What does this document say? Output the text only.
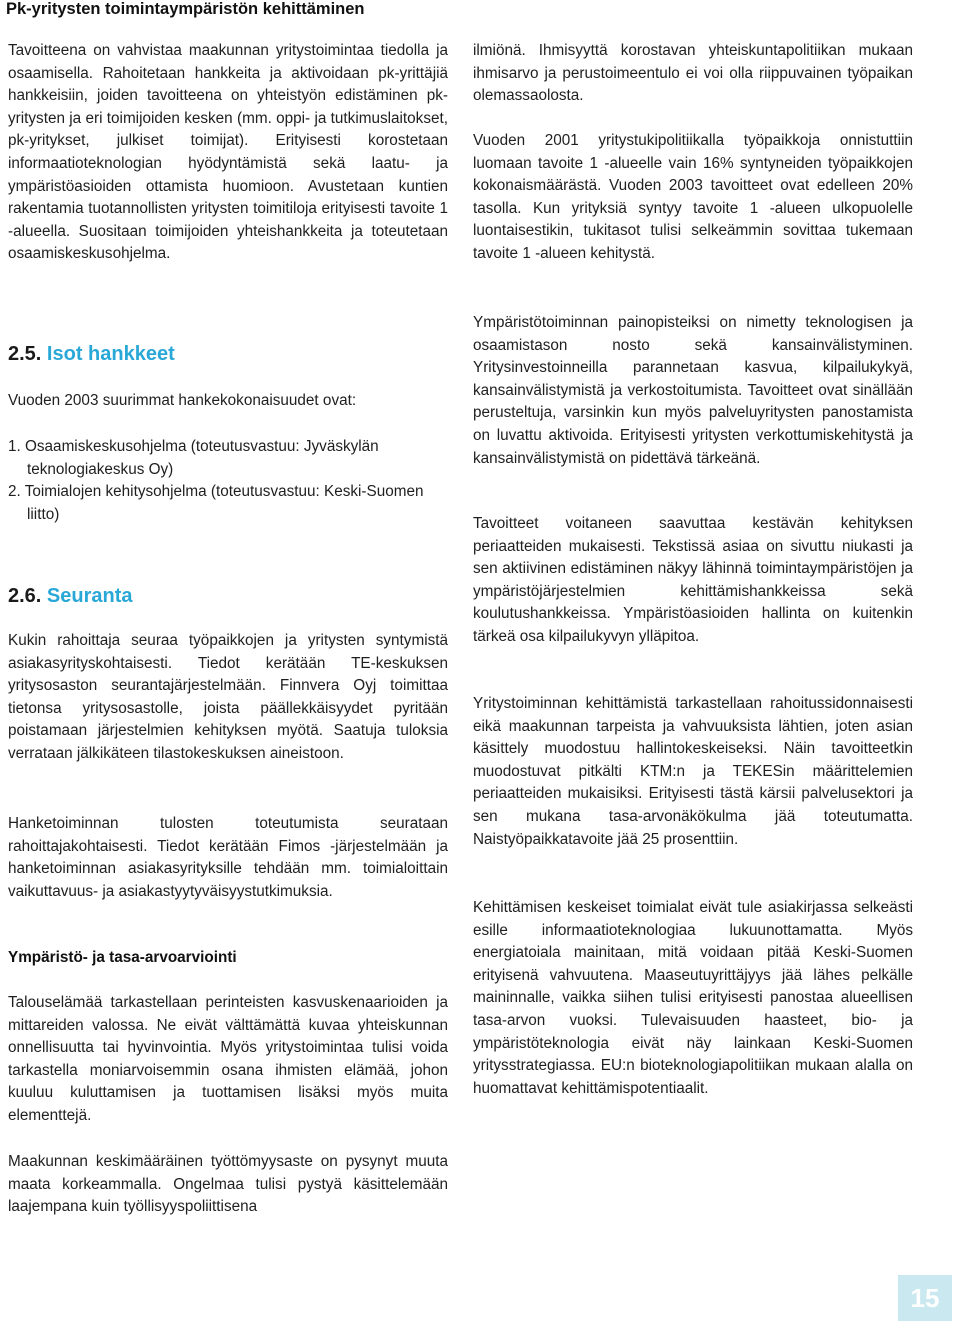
Pk-yritysten toimintaympäristön kehittäminen

Tavoitteena on vahvistaa maakunnan yritystoimintaa tiedolla ja osaamisella. Rahoitetaan hankkeita ja aktivoidaan pk-yrittäjiä hankkeisiin, joiden tavoitteena on yhteistyön edistäminen pk-yritysten ja eri toimijoiden kesken (mm. oppi- ja tutkimuslaitokset, pk-yritykset, julkiset toimijat). Erityisesti korostetaan informaatioteknologian hyödyntämistä sekä laatu- ja ympäristöasioiden ottamista huomioon. Avustetaan kuntien rakentamia tuotannollisten yritysten toimitiloja erityisesti tavoite 1 -alueella. Suositaan toimijoiden yhteishankkeita ja toteutetaan osaamiskeskusohjelma.

2.5. Isot hankkeet

Vuoden 2003 suurimmat hankekokonaisuudet ovat:

1. Osaamiskeskusohjelma (toteutusvastuu: Jyväskylän teknologiakeskus Oy)
2. Toimialojen kehitysohjelma (toteutusvastuu: Keski-Suomen liitto)
2.6. Seuranta

Kukin rahoittaja seuraa työpaikkojen ja yritysten syntymistä asiakasyrityskohtaisesti. Tiedot kerätään TE-keskuksen yritysosaston seurantajärjestelmään. Finnvera Oyj toimittaa tietonsa yritysosastolle, joista päällekkäisyydet pyritään poistamaan järjestelmien kehityksen myötä. Saatuja tuloksia verrataan jälkikäteen tilastokeskuksen aineistoon.

Hanketoiminnan tulosten toteutumista seurataan rahoittajakohtaisesti. Tiedot kerätään Fimos -järjestelmään ja hanketoiminnan asiakasyrityksille tehdään mm. toimialoittain vaikuttavuus- ja asiakastyytyväisyystutkimuksia.

Ympäristö- ja tasa-arvoarviointi

Talouselämää tarkastellaan perinteisten kasvuskenaarioiden ja mittareiden valossa. Ne eivät välttämättä kuvaa yhteiskunnan onnellisuutta tai hyvinvointia. Myös yritystoimintaa tulisi voida tarkastella moniarvoisemmin osana ihmisten elämää, johon kuuluu kuluttamisen ja tuottamisen lisäksi myös muita elementtejä.

Maakunnan keskimääräinen työttömyysaste on pysynyt muuta maata korkeammalla. Ongelmaa tulisi pystyä käsittelemään laajempana kuin työllisyyspoliittisena

ilmiönä. Ihmisyyttä korostavan yhteiskuntapolitiikan mukaan ihmisarvo ja perustoimeentulo ei voi olla riippuvainen työpaikan olemassaolosta.

Vuoden 2001 yritystukipolitiikalla työpaikkoja onnistuttiin luomaan tavoite 1 -alueelle vain 16% syntyneiden työpaikkojen kokonaismäärästä. Vuoden 2003 tavoitteet ovat edelleen 20% tasolla. Kun yrityksiä syntyy tavoite 1 -alueen ulkopuolelle luontaisestikin, tukitasot tulisi selkeämmin sovittaa tukemaan tavoite 1 -alueen kehitystä.

Ympäristötoiminnan painopisteiksi on nimetty teknologisen ja osaamistason nosto sekä kansainvälistyminen. Yritysinvestoinneilla parannetaan kasvua, kilpailukykyä, kansainvälistymistä ja verkostoitumista. Tavoitteet ovat sinällään perusteltuja, varsinkin kun myös palveluyritysten panostamista on luvattu aktivoida. Erityisesti yritysten verkottumiskehitystä ja kansainvälistymistä on pidettävä tärkeänä.

Tavoitteet voitaneen saavuttaa kestävän kehityksen periaatteiden mukaisesti. Tekstissä asiaa on sivuttu niukasti ja sen aktiivinen edistäminen näkyy lähinnä toimintaympäristöjen ja ympäristöjärjestelmien kehittämishankkeissa sekä koulutushankkeissa. Ympäristöasioiden hallinta on kuitenkin tärkeä osa kilpailukyvyn ylläpitoa.

Yritystoiminnan kehittämistä tarkastellaan rahoitussidonnaisesti eikä maakunnan tarpeista ja vahvuuksista lähtien, joten asian käsittely muodostuu hallintokeskeiseksi. Näin tavoitteetkin muodostuvat pitkälti KTM:n ja TEKESin määrittelemien periaatteiden mukaisiksi. Erityisesti tästä kärsii palvelusektori ja sen mukana tasa-arvonäkökulma jää toteutumatta. Naistyöpaikkatavoite jää 25 prosenttiin.

Kehittämisen keskeiset toimialat eivät tule asiakirjassa selkeästi esille informaatioteknologiaa lukuunottamatta. Myös energiatoiala mainitaan, mitä voidaan pitää Keski-Suomen erityisenä vahvuutena. Maaseutuyrittäjyys jää lähes pelkälle maininnalle, vaikka siihen tulisi erityisesti panostaa alueellisen tasa-arvon vuoksi. Tulevaisuuden haasteet, bio- ja ympäristöteknologia eivät näy lainkaan Keski-Suomen yritysstrategiassa. EU:n bioteknologiapolitiikan mukaan alalla on huomattavat kehittämispotentiaalit.

15
